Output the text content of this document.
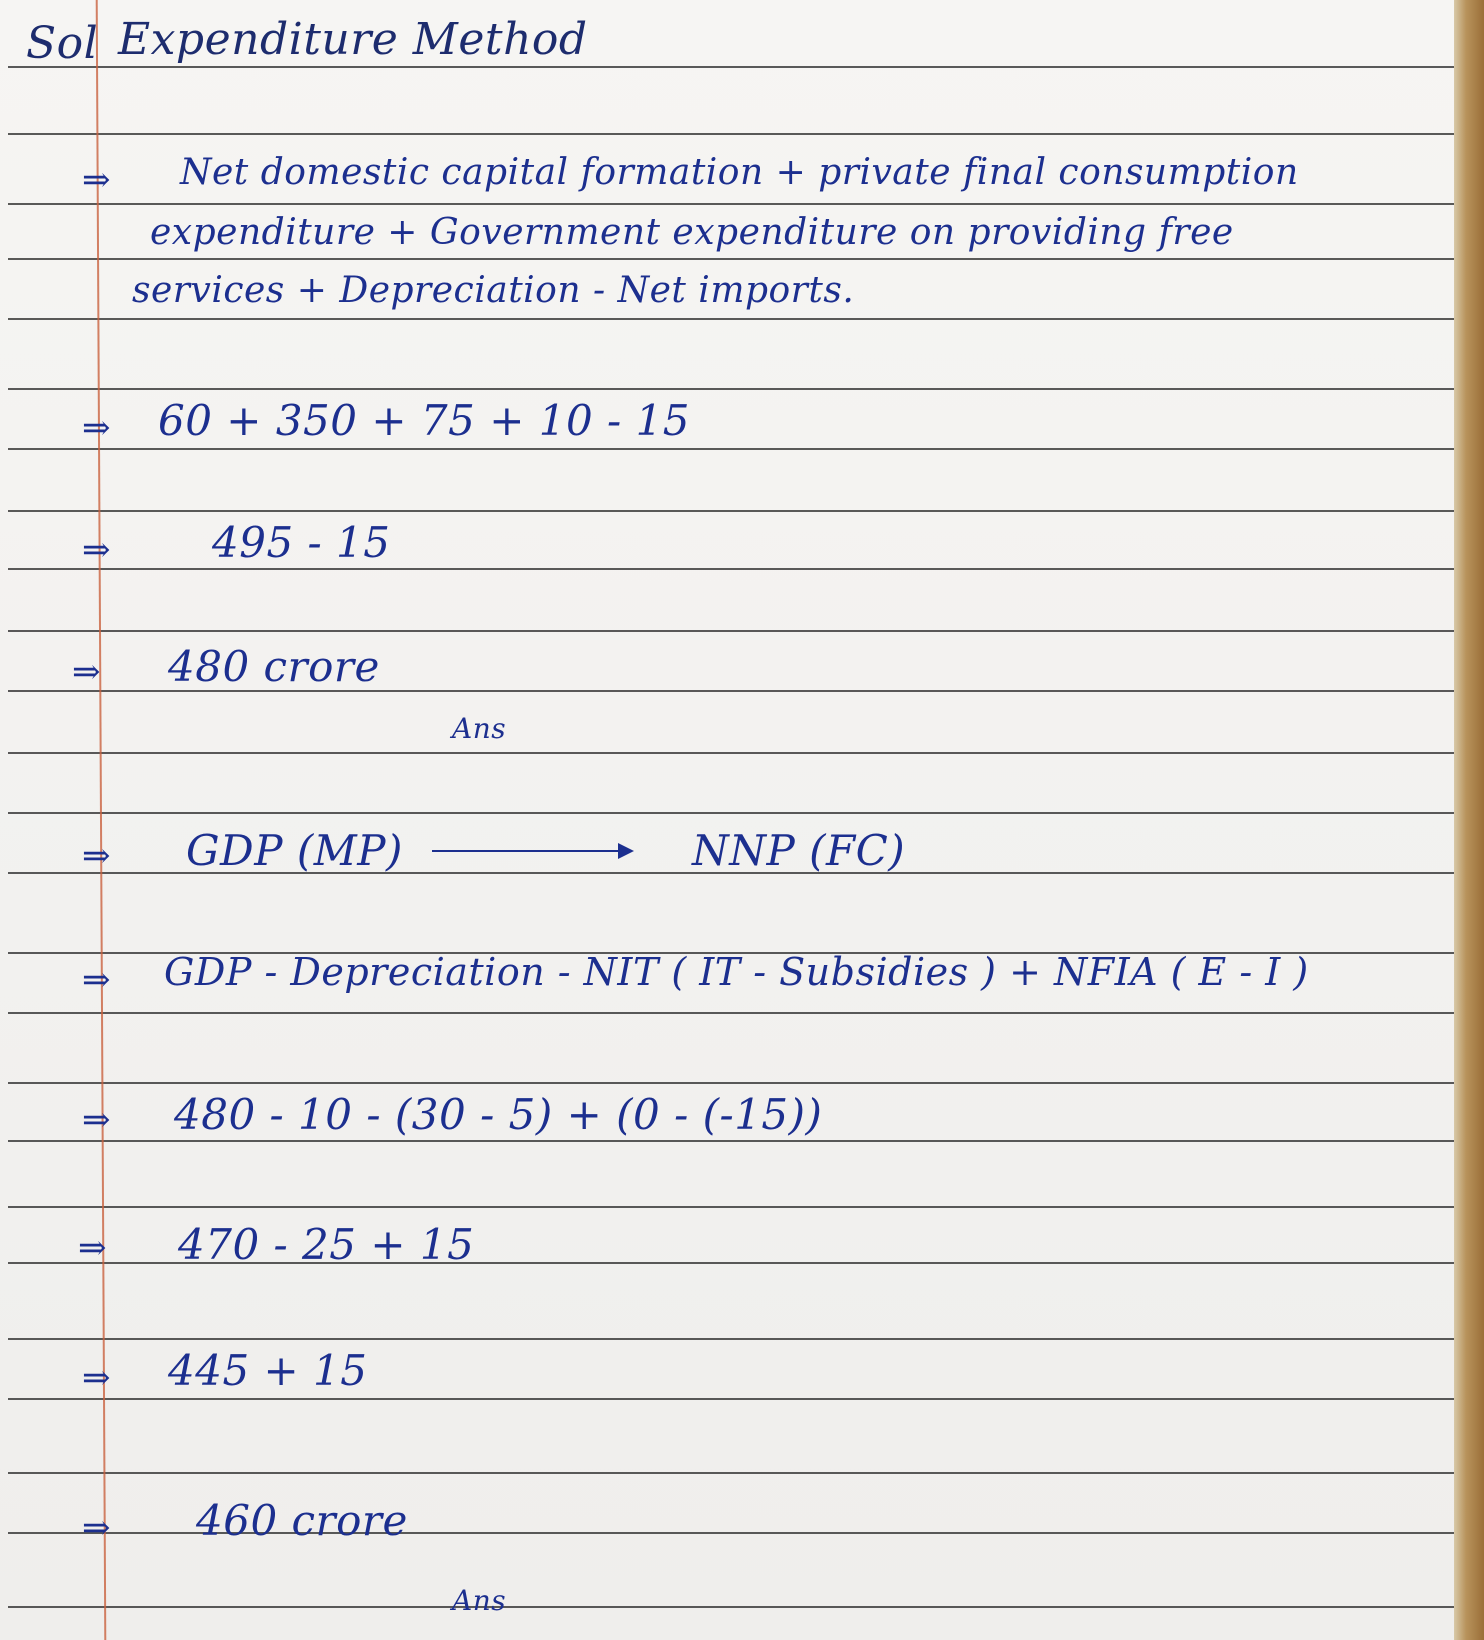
Sol Expenditure Method
⇒ Net domestic capital formation + private final consumption
expenditure + Government expenditure on providing free
services + Depreciation - Net imports.
⇒ 60 + 350 + 75 + 10 - 15
⇒ 495 - 15
⇒ 480 crore
Ans
⇒ GDP (MP)	NNP (FC)
⇒ GDP - Depreciation - NIT ( IT - Subsidies ) + NFIA ( E - I )
⇒ 480 - 10 - (30 - 5) + (0 - (-15))
⇒ 470 - 25 + 15
⇒ 445 + 15
⇒ 460 crore
Ans
